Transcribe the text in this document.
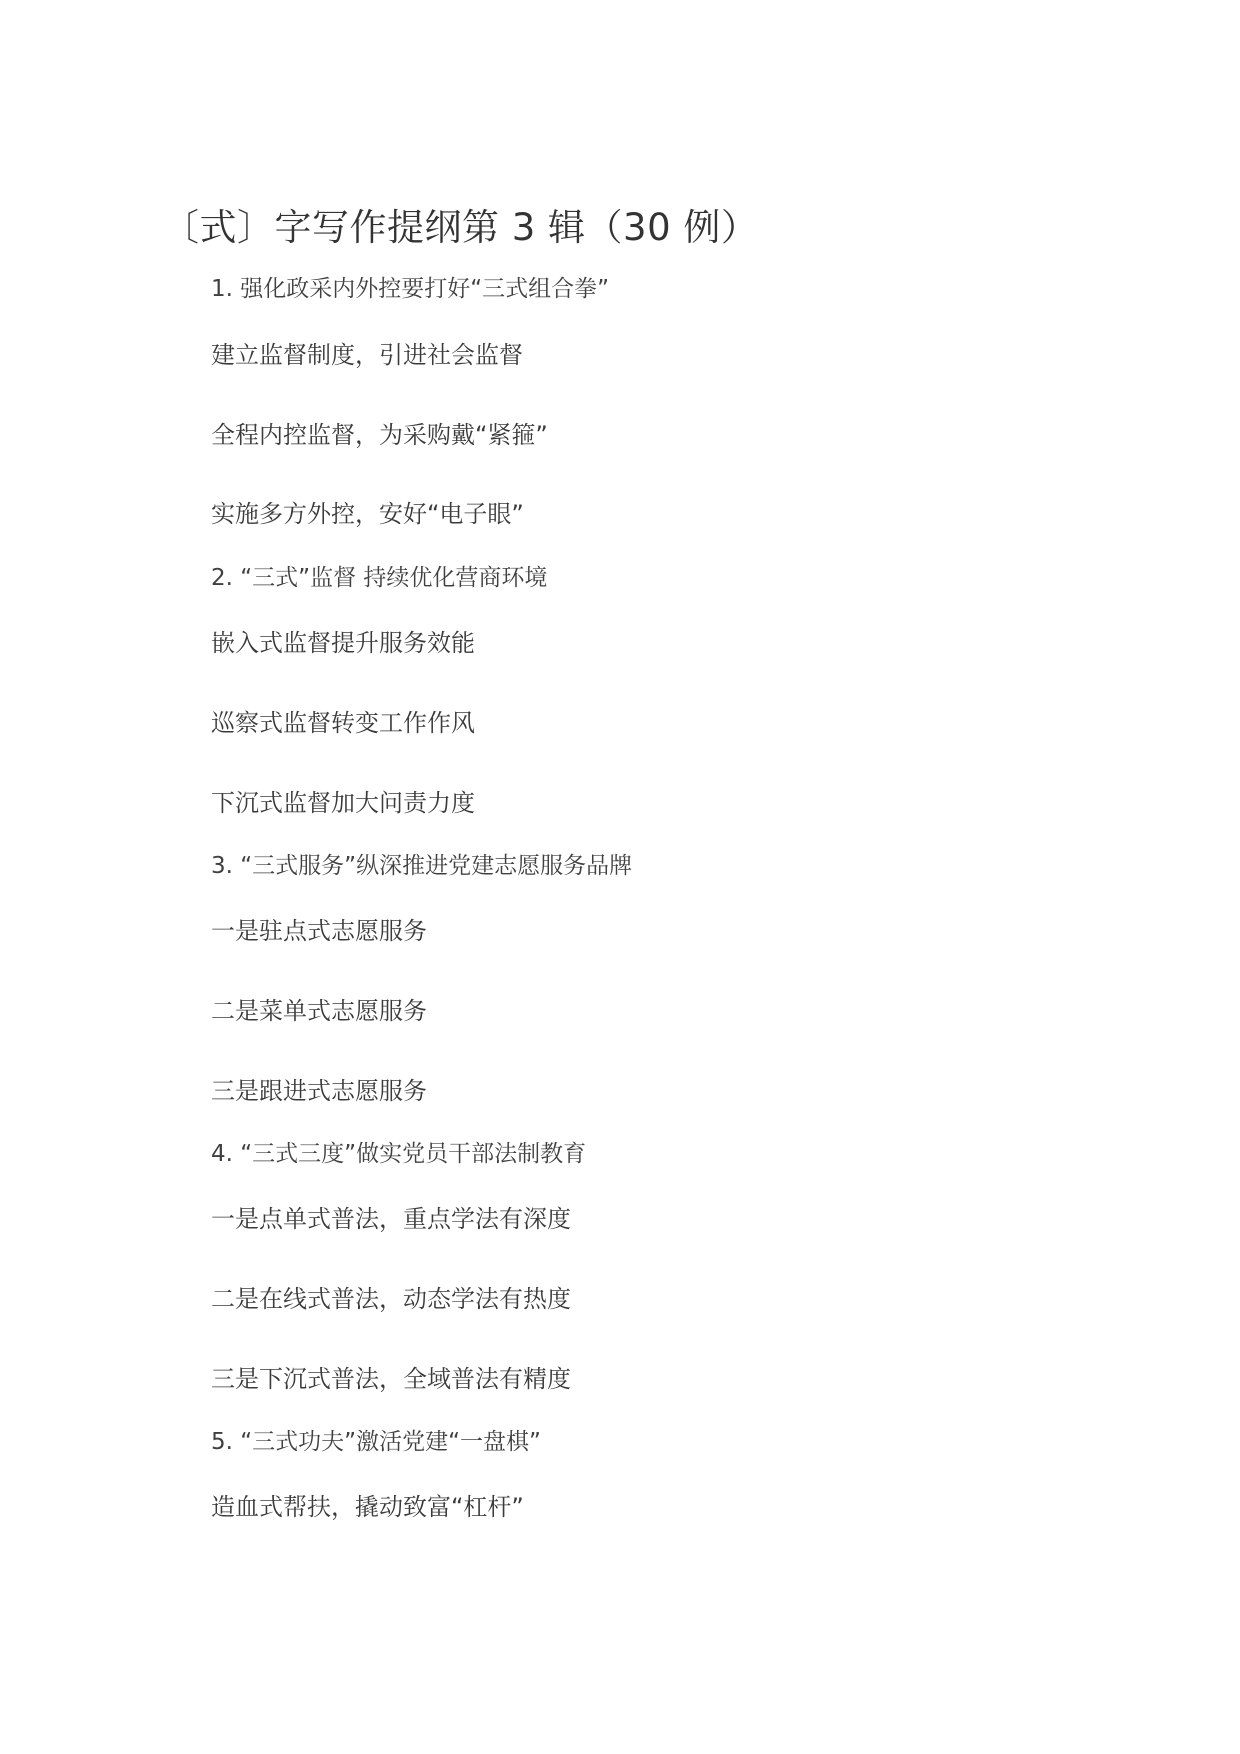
〔式〕字写作提纲第 3 辑（30 例）
1. 强化政采内外控要打好“三式组合拳”
建立监督制度，引进社会监督
全程内控监督，为采购戴“紧箍”
实施多方外控，安好“电子眼”
2. “三式”监督 持续优化营商环境
嵌入式监督提升服务效能
巡察式监督转变工作作风
下沉式监督加大问责力度
3. “三式服务”纵深推进党建志愿服务品牌
一是驻点式志愿服务
二是菜单式志愿服务
三是跟进式志愿服务
4. “三式三度”做实党员干部法制教育
一是点单式普法，重点学法有深度
二是在线式普法，动态学法有热度
三是下沉式普法，全域普法有精度
5. “三式功夫”激活党建“一盘棋”
造血式帮扶，撬动致富“杠杆”
